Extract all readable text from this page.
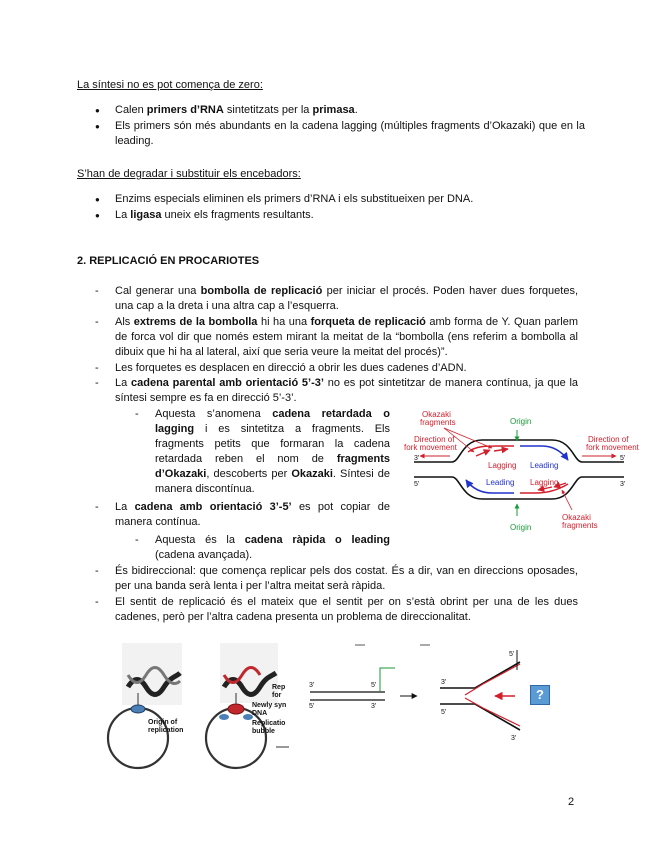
La síntesi no es pot comença de zero:
● Calen primers d’RNA sintetitzats per la primasa.
● Els primers són més abundants en la cadena lagging (múltiples fragments d’Okazaki) que en la leading.
S’han de degradar i substituir els encebadors:
● Enzims especials eliminen els primers d’RNA i els substitueixen per DNA.
● La ligasa uneix els fragments resultants.
2. REPLICACIÓ EN PROCARIOTES
- Cal generar una bombolla de replicació per iniciar el procés. Poden haver dues forquetes, una cap a la dreta i una altra cap a l’esquerra.
- Als extrems de la bombolla hi ha una forqueta de replicació amb forma de Y. Quan parlem de forca vol dir que només estem mirant la meitat de la “bombolla (ens referim a bombolla al dibuix que hi ha al lateral, així que seria veure la meitat del procés)”.
- Les forquetes es desplacen en direcció a obrir les dues cadenes d’ADN.
- La cadena parental amb orientació 5’-3’ no es pot sintetitzar de manera contínua, ja que la síntesi sempre es fa en direcció 5’-3’.
- Aquesta s’anomena cadena retardada o lagging i es sintetitza a fragments. Els fragments petits que formaran la cadena retardada reben el nom de fragments d’Okazaki, descoberts per Okazaki. Síntesi de manera discontínua.
- La cadena amb orientació 3’-5’ es pot copiar de manera contínua.
- Aquesta és la cadena ràpida o leading (cadena avançada).
- És bidireccional: que comença replicar pels dos costat. És a dir, van en direccions oposades, per una banda serà lenta i per l’altra meitat serà ràpida.
- El sentit de replicació és el mateix que el sentit per on s’està obrint per una de les dues cadenes, però per l’altra cadena presenta un problema de direccionalitat.
Okazaki
fragments	Origin
Origin
Direction of
fork movement
Direction of
fork movement
Lagging Leading
Leading Lagging
Okazaki
fragments
3'
5'
5'
3'
Origin of
replication
Rep
for
Newly syn
DNA
Replicatio
bubble
3'	5'
5'	3'
3'
5'
5'
3'
?
2
